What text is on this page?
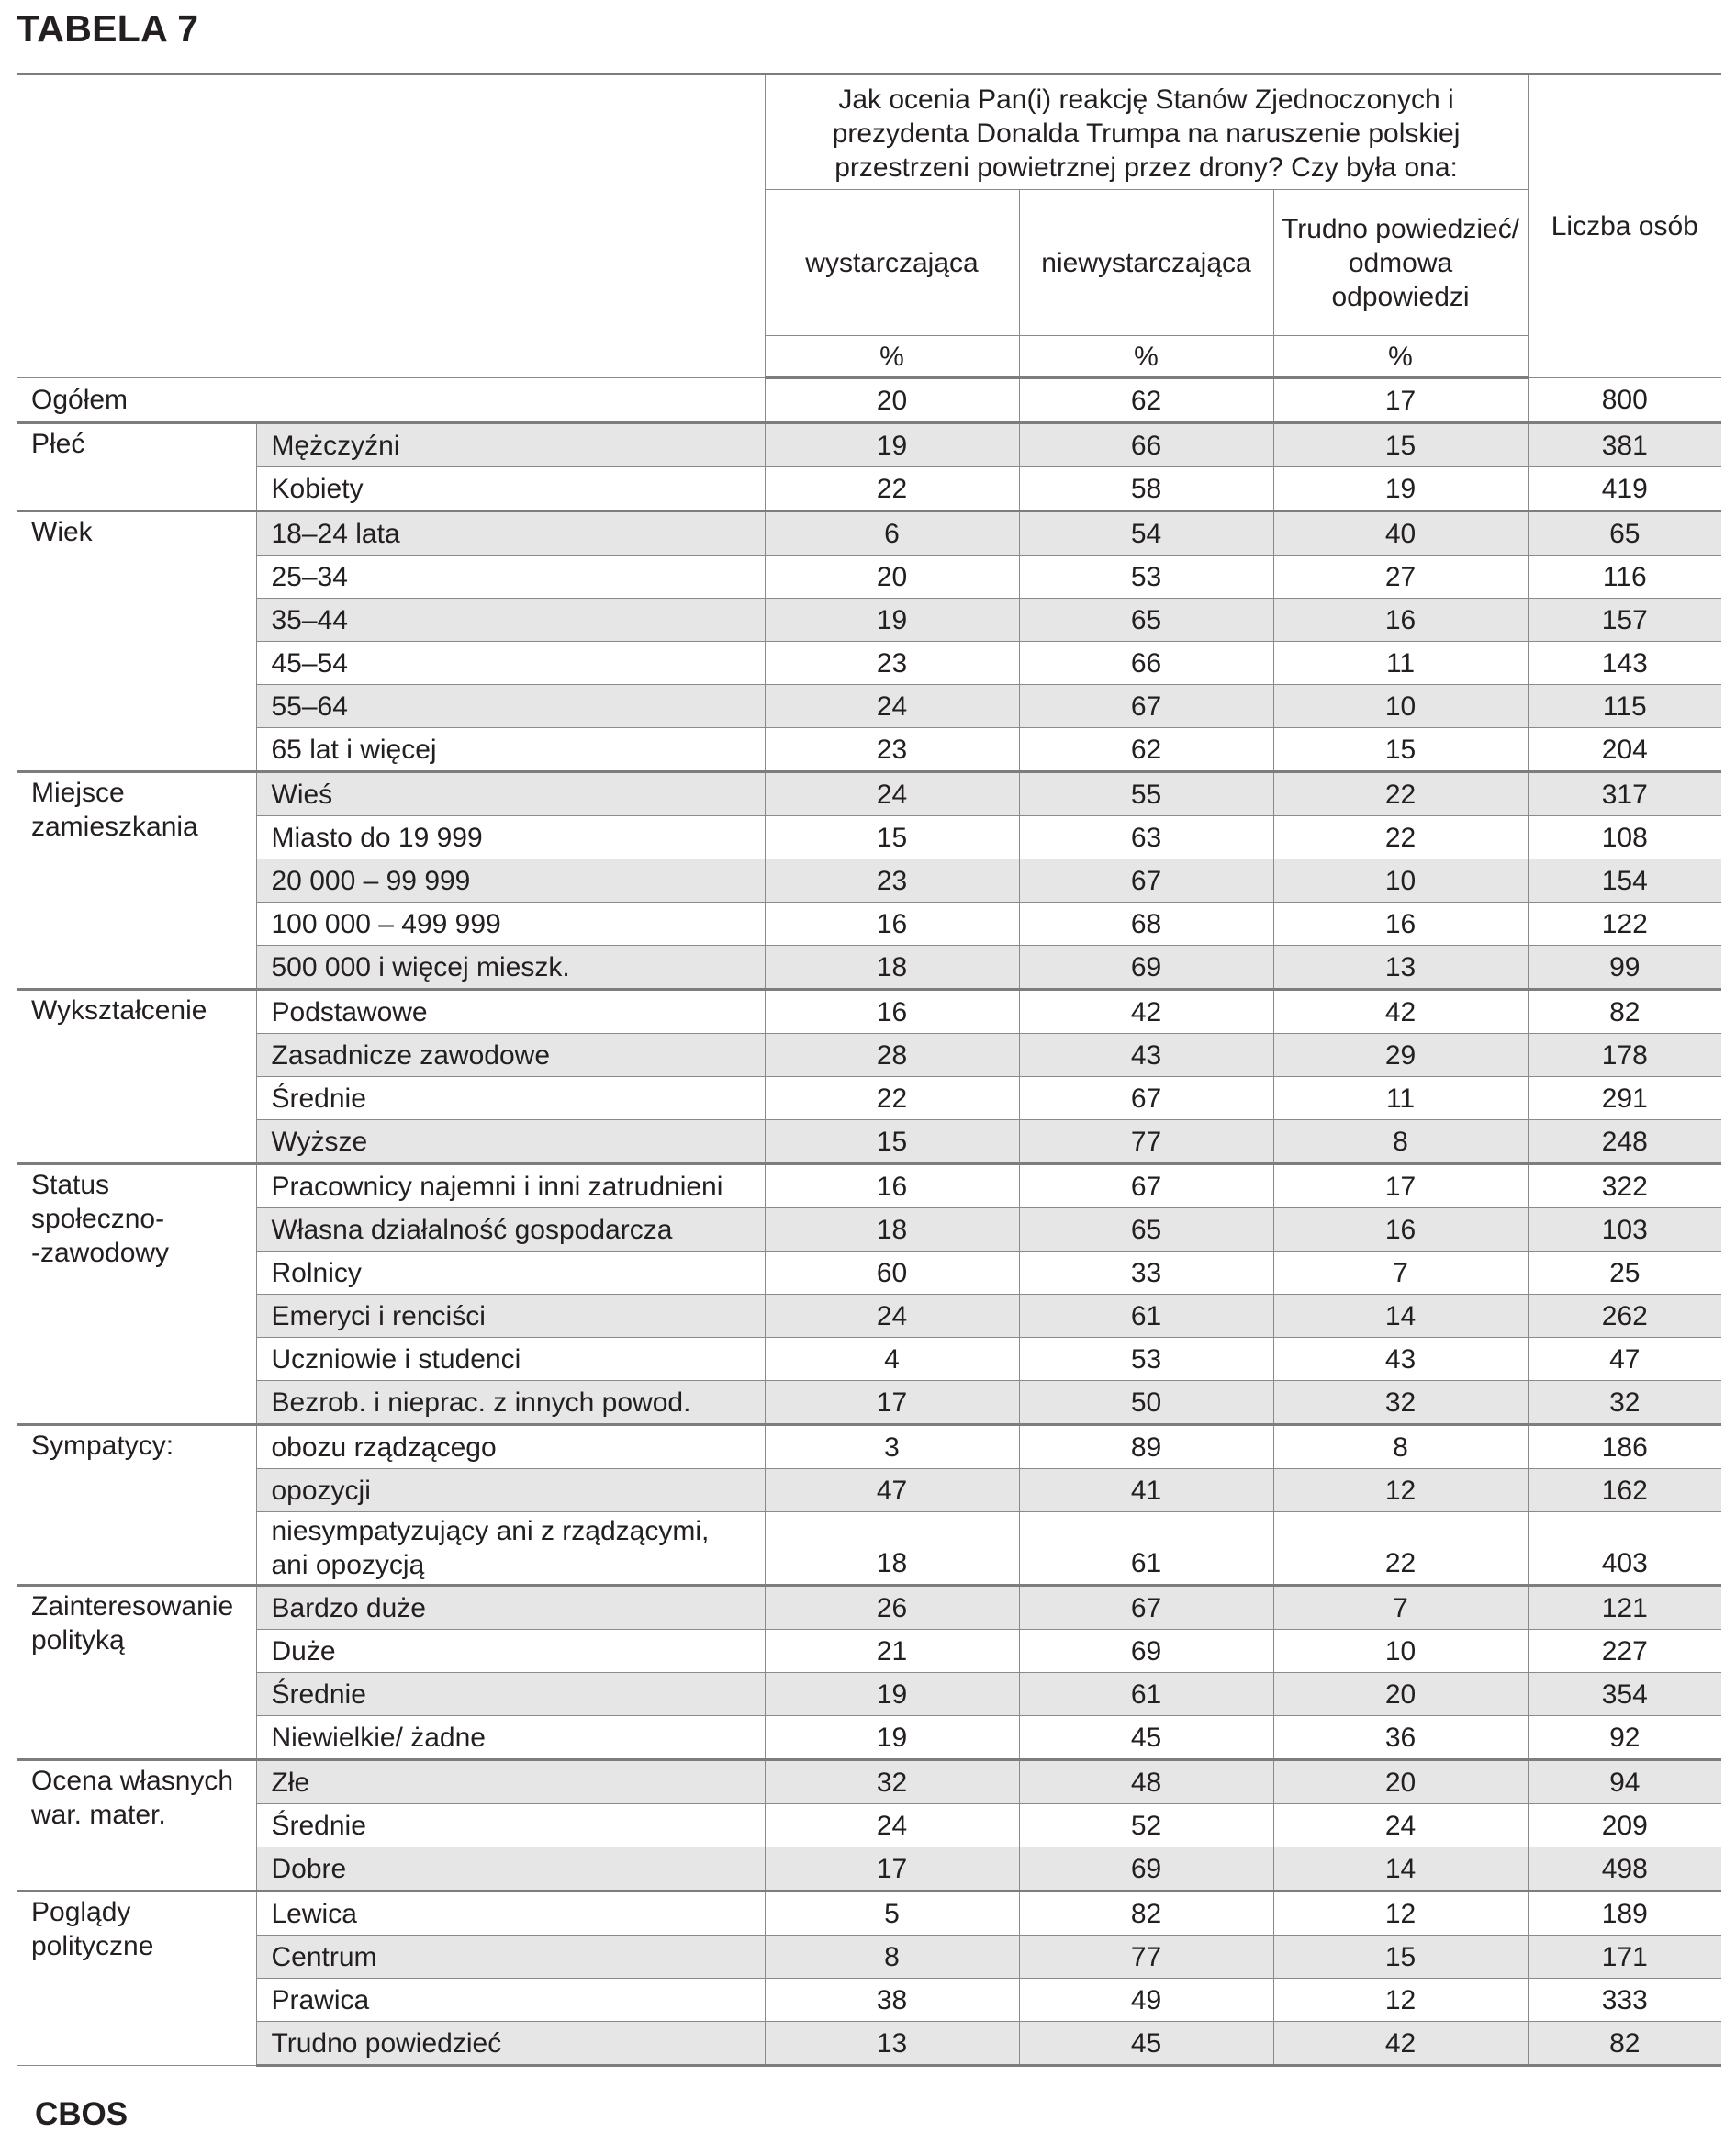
TABELA 7
		Jak ocenia Pan(i) reakcję Stanów Zjednoczonych i prezydenta Donalda Trumpa na naruszenie polskiej przestrzeni powietrznej przez drony? Czy była ona:			Liczba osób
		wystarczająca	niewystarczająca	Trudno powiedzieć/ odmowa odpowiedzi	
		%	%	%	
Ogółem		20	62	17	800
Płeć	Mężczyźni	19	66	15	381
	Kobiety	22	58	19	419
Wiek	18–24 lata	6	54	40	65
	25–34	20	53	27	116
	35–44	19	65	16	157
	45–54	23	66	11	143
	55–64	24	67	10	115
	65 lat i więcej	23	62	15	204
Miejsce zamieszkania	Wieś	24	55	22	317
	Miasto do 19 999	15	63	22	108
	20 000 – 99 999	23	67	10	154
	100 000 – 499 999	16	68	16	122
	500 000 i więcej mieszk.	18	69	13	99
Wykształcenie	Podstawowe	16	42	42	82
	Zasadnicze zawodowe	28	43	29	178
	Średnie	22	67	11	291
	Wyższe	15	77	8	248

Status
społeczno-
-zawodowy	Pracownicy najemni i inni zatrudnieni	16	67	17	322
	Własna działalność gospodarcza	18	65	16	103
	Rolnicy	60	33	7	25
	Emeryci i renciści	24	61	14	262
	Uczniowie i studenci	4	53	43	47
	Bezrob. i nieprac. z innych powod.	17	50	32	32
Sympatycy:	obozu rządzącego	3	89	8	186
	opozycji	47	41	12	162

	niesympatyzujący ani z rządzącymi,
ani opozycją	18	61	22	403
Zainteresowanie polityką	Bardzo duże	26	67	7	121
	Duże	21	69	10	227
	Średnie	19	61	20	354
	Niewielkie/ żadne	19	45	36	92
Ocena własnych war. mater.	Złe	32	48	20	94
	Średnie	24	52	24	209
	Dobre	17	69	14	498
Poglądy polityczne	Lewica	5	82	12	189
	Centrum	8	77	15	171
	Prawica	38	49	12	333
	Trudno powiedzieć	13	45	42	82
CBOS
